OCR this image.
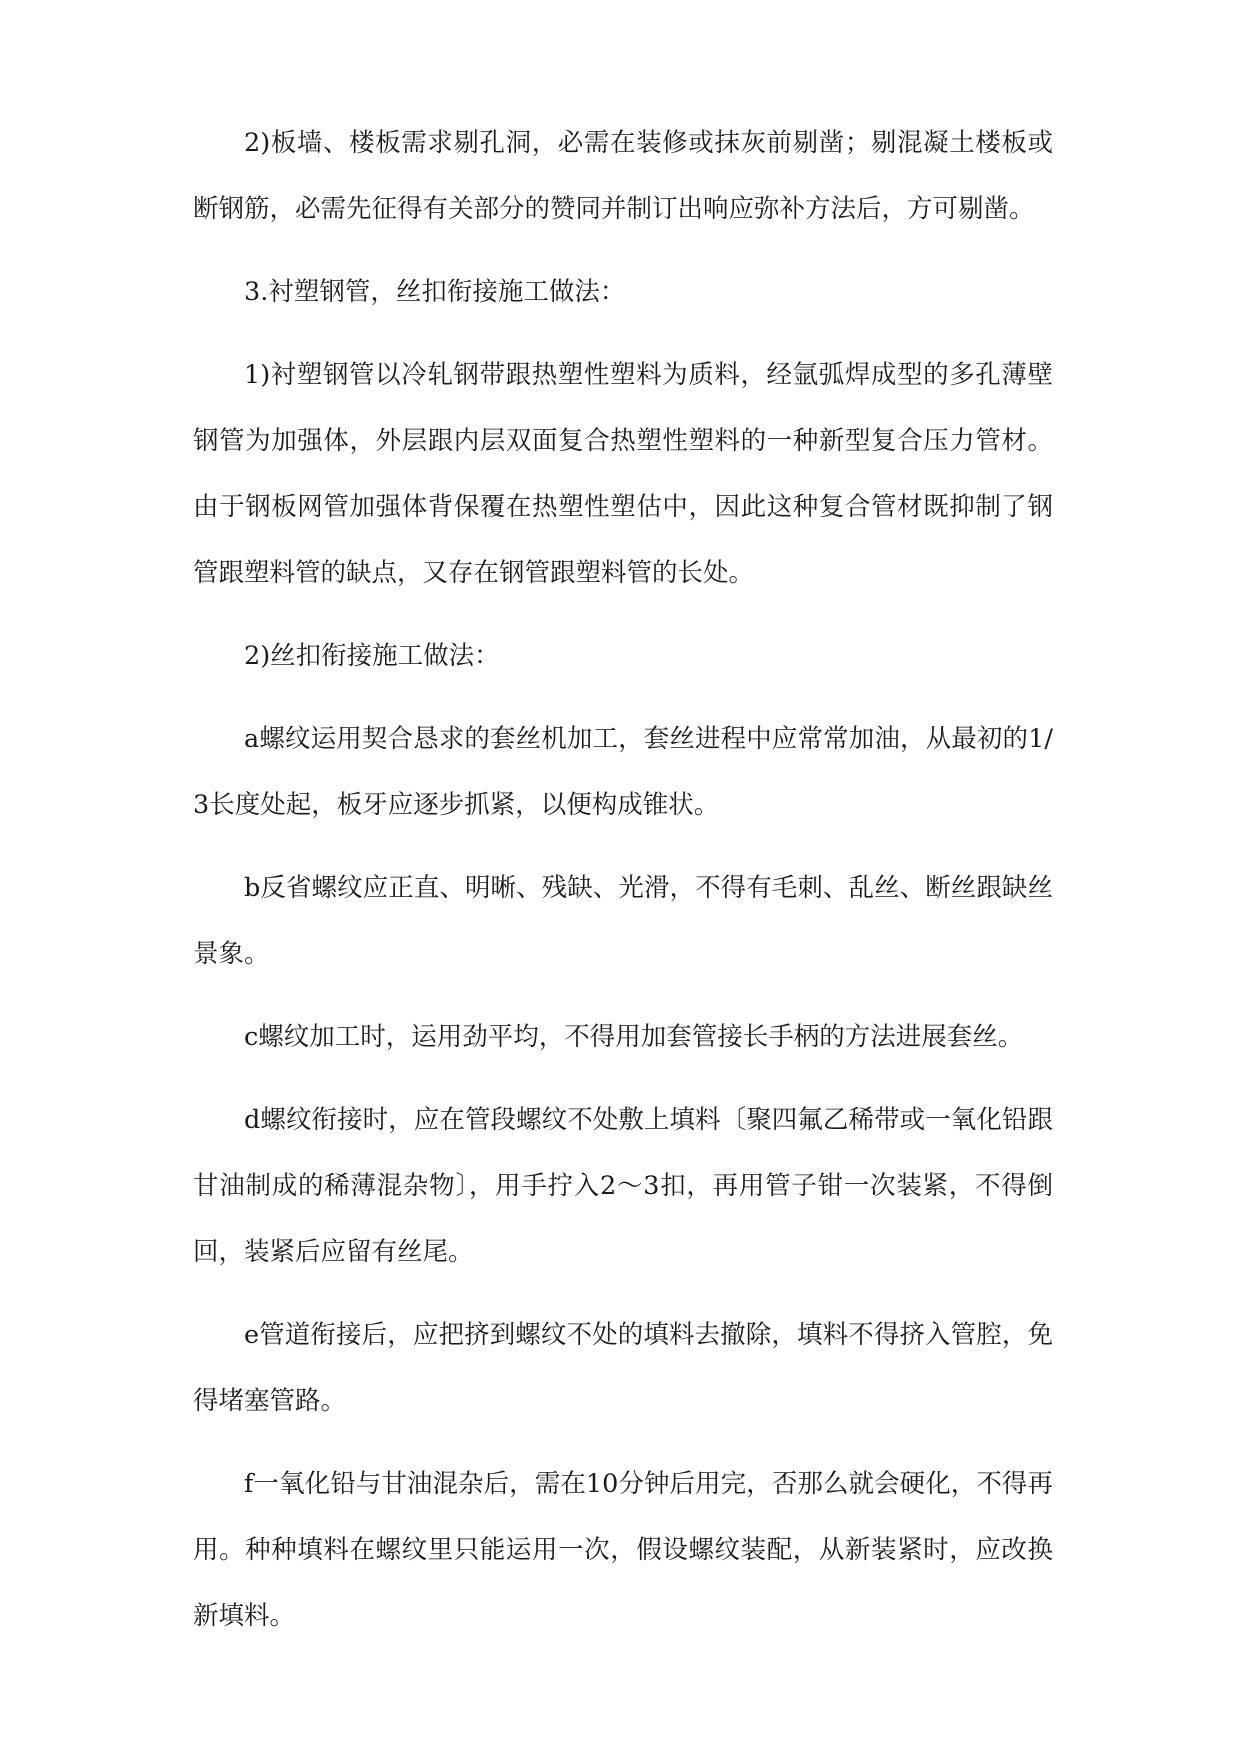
2)板墙、楼板需求剔孔洞，必需在装修或抹灰前剔凿；剔混凝土楼板或断钢筋，必需先征得有关部分的赞同并制订出响应弥补方法后，方可剔凿。

3.衬塑钢管，丝扣衔接施工做法：

1)衬塑钢管以冷轧钢带跟热塑性塑料为质料，经氩弧焊成型的多孔薄壁钢管为加强体，外层跟内层双面复合热塑性塑料的一种新型复合压力管材。由于钢板网管加强体背保覆在热塑性塑估中，因此这种复合管材既抑制了钢管跟塑料管的缺点，又存在钢管跟塑料管的长处。

2)丝扣衔接施工做法：

a螺纹运用契合恳求的套丝机加工，套丝进程中应常常加油，从最初的1/3长度处起，板牙应逐步抓紧，以便构成锥状。

b反省螺纹应正直、明晰、残缺、光滑，不得有毛刺、乱丝、断丝跟缺丝景象。

c螺纹加工时，运用劲平均，不得用加套管接长手柄的方法进展套丝。

d螺纹衔接时，应在管段螺纹不处敷上填料〔聚四氟乙稀带或一氧化铅跟甘油制成的稀薄混杂物〕，用手拧入2～3扣，再用管子钳一次装紧，不得倒回，装紧后应留有丝尾。

e管道衔接后，应把挤到螺纹不处的填料去撤除，填料不得挤入管腔，免得堵塞管路。

f一氧化铅与甘油混杂后，需在10分钟后用完，否那么就会硬化，不得再用。种种填料在螺纹里只能运用一次，假设螺纹装配，从新装紧时，应改换新填料。
